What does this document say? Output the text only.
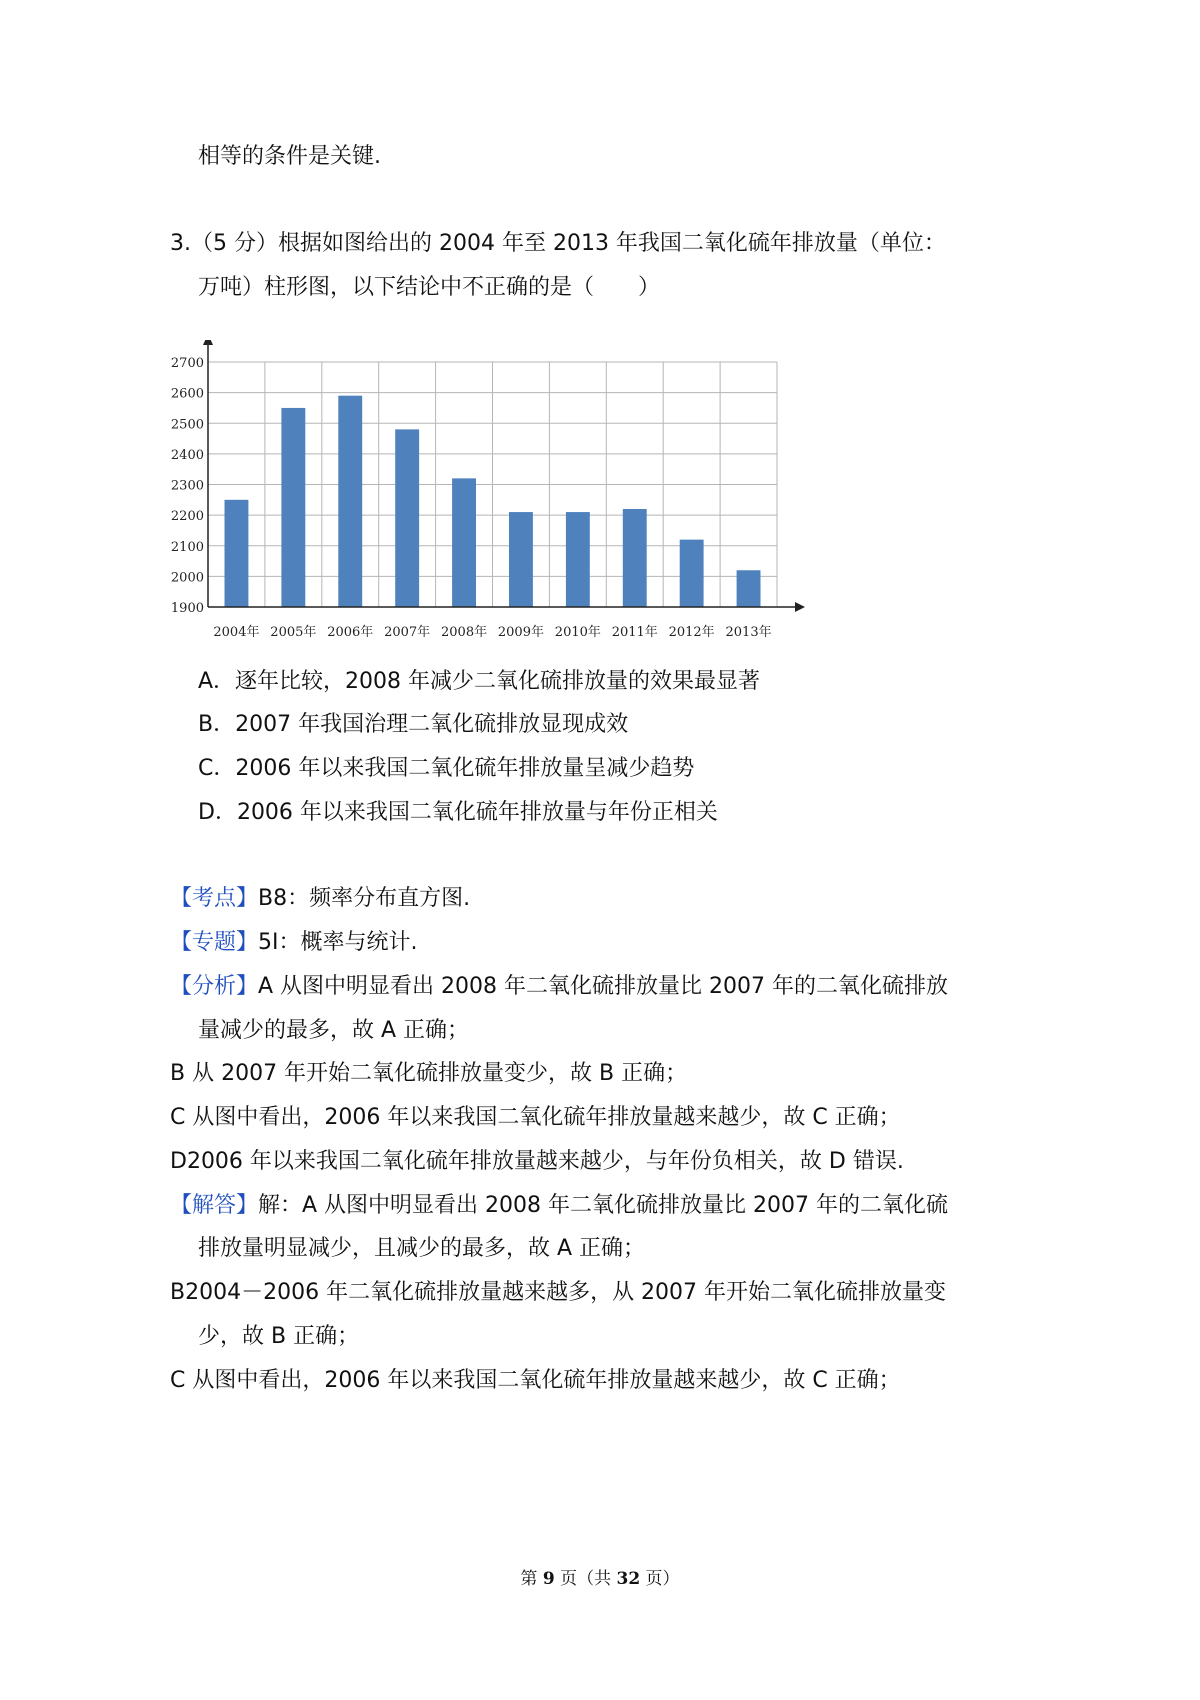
相等的条件是关键.
3.（5 分）根据如图给出的 2004 年至 2013 年我国二氧化硫年排放量（单位：
万吨）柱形图，以下结论中不正确的是（　　）
1900
2000
2100
2200
2300
2400
2500
2600
2700
2004年 2005年 2006年 2007年 2008年 2009年 2010年 2011年 2012年 2013年
A．逐年比较，2008 年减少二氧化硫排放量的效果最显著
B．2007 年我国治理二氧化硫排放显现成效
C．2006 年以来我国二氧化硫年排放量呈减少趋势
D．2006 年以来我国二氧化硫年排放量与年份正相关
【考点】B8：频率分布直方图.
【专题】5I：概率与统计.
【分析】A 从图中明显看出 2008 年二氧化硫排放量比 2007 年的二氧化硫排放
量减少的最多，故 A 正确；
B 从 2007 年开始二氧化硫排放量变少，故 B 正确；
C 从图中看出，2006 年以来我国二氧化硫年排放量越来越少，故 C 正确；
D2006 年以来我国二氧化硫年排放量越来越少，与年份负相关，故 D 错误.
【解答】解：A 从图中明显看出 2008 年二氧化硫排放量比 2007 年的二氧化硫
排放量明显减少，且减少的最多，故 A 正确；
B2004－2006 年二氧化硫排放量越来越多，从 2007 年开始二氧化硫排放量变
少，故 B 正确；
C 从图中看出，2006 年以来我国二氧化硫年排放量越来越少，故 C 正确；
第 9 页（共 32 页）
